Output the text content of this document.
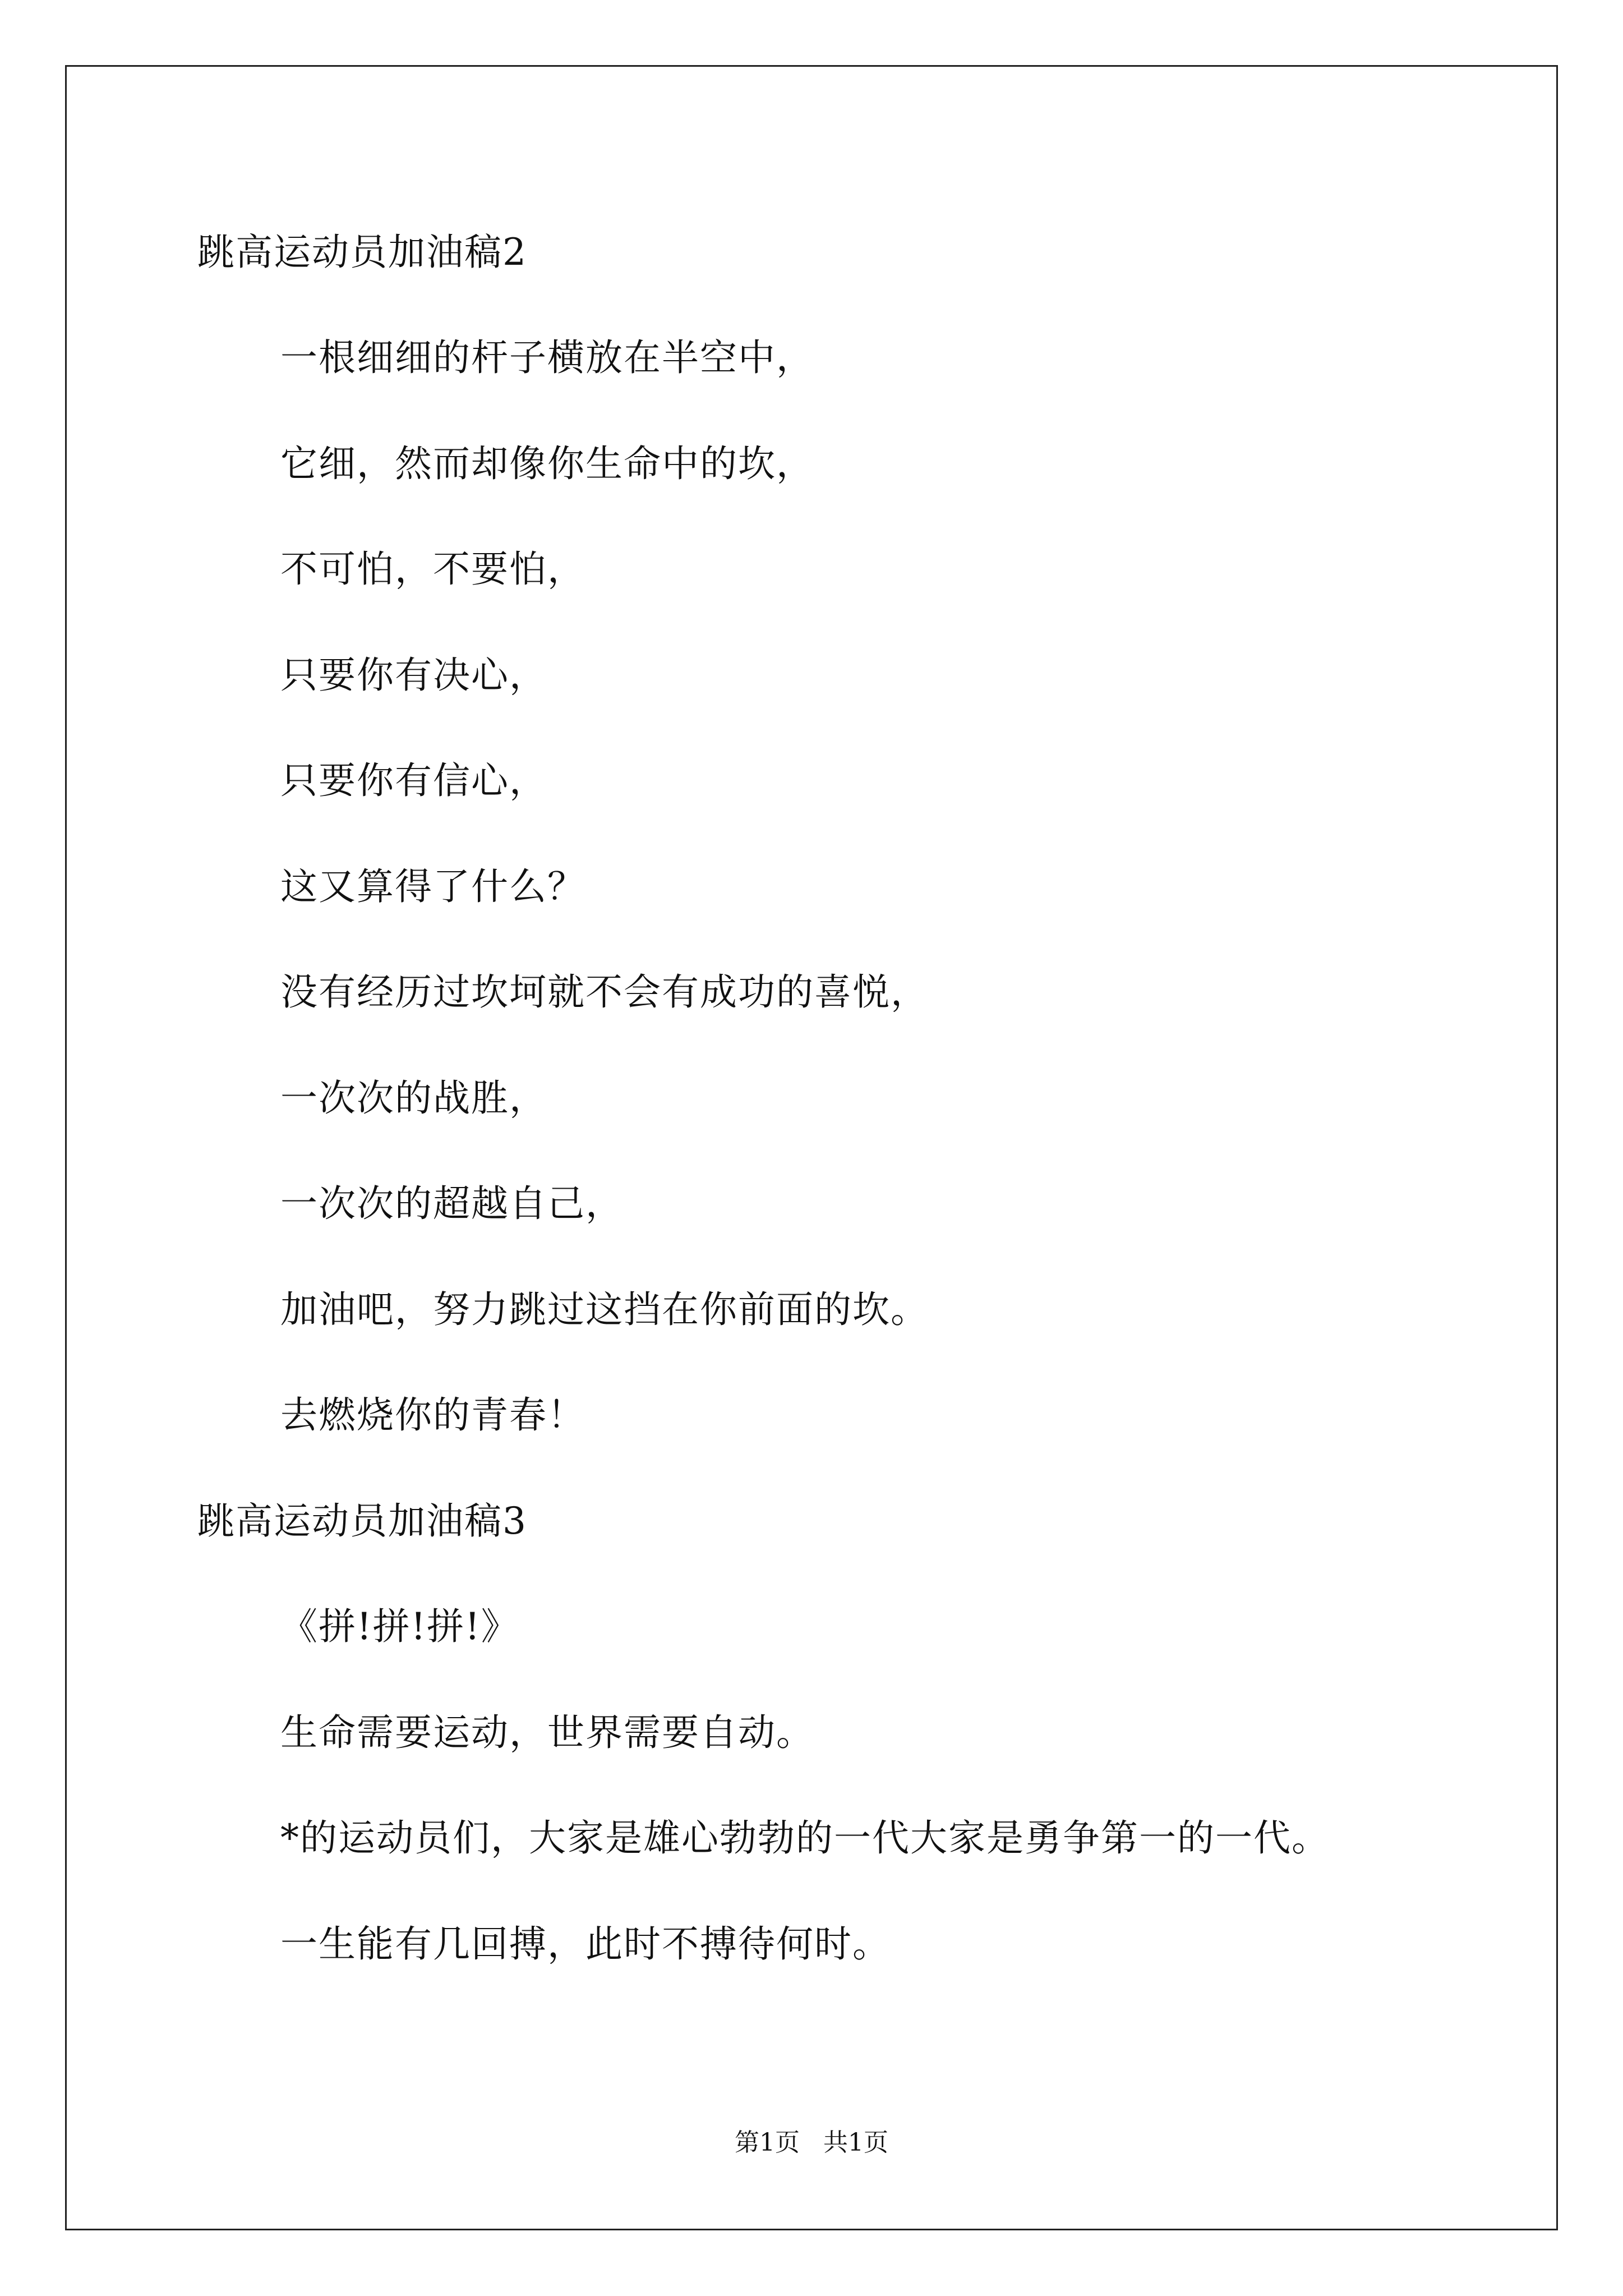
跳高运动员加油稿2
一根细细的杆子横放在半空中，
它细，然而却像你生命中的坎，
不可怕，不要怕，
只要你有决心，
只要你有信心，
这又算得了什么？
没有经历过坎坷就不会有成功的喜悦，
一次次的战胜，
一次次的超越自己，
加油吧，努力跳过这挡在你前面的坎。
去燃烧你的青春！
跳高运动员加油稿3
《拼!拼!拼!》
生命需要运动，世界需要自动。
*的运动员们，大家是雄心勃勃的一代大家是勇争第一的一代。
一生能有几回搏，此时不搏待何时。
第1页   共1页
